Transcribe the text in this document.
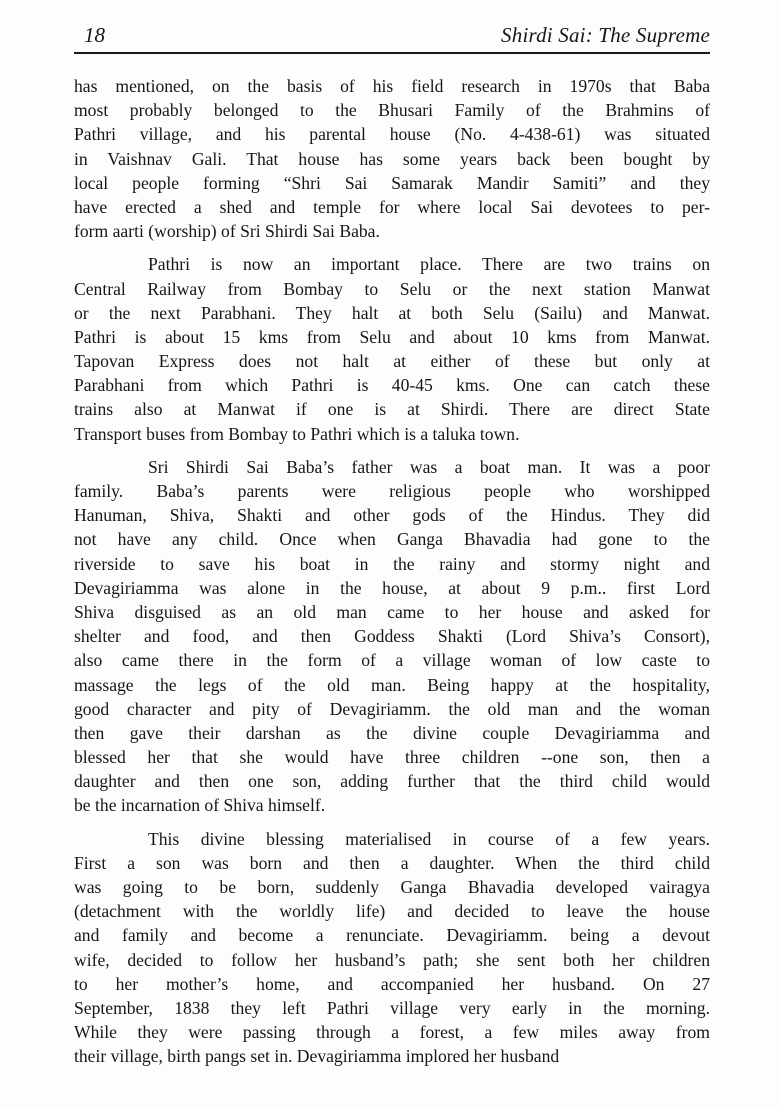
18	Shirdi Sai: The Supreme
has mentioned, on the basis of his field research in 1970s that Baba
most probably belonged to the Bhusari Family of the Brahmins of
Pathri village, and his parental house (No. 4-438-61) was situated
in Vaishnav Gali. That house has some years back been bought by
local people forming “Shri Sai Samarak Mandir Samiti” and they
have erected a shed and temple for where local Sai devotees to per-
form aarti (worship) of Sri Shirdi Sai Baba.
Pathri is now an important place. There are two trains on
Central Railway from Bombay to Selu or the next station Manwat
or the next Parabhani. They halt at both Selu (Sailu) and Manwat.
Pathri is about 15 kms from Selu and about 10 kms from Manwat.
Tapovan Express does not halt at either of these but only at
Parabhani from which Pathri is 40-45 kms. One can catch these
trains also at Manwat if one is at Shirdi. There are direct State
Transport buses from Bombay to Pathri which is a taluka town.
Sri Shirdi Sai Baba’s father was a boat man. It was a poor
family. Baba’s parents were religious people who worshipped
Hanuman, Shiva, Shakti and other gods of the Hindus. They did
not have any child. Once when Ganga Bhavadia had gone to the
riverside to save his boat in the rainy and stormy night and
Devagiriamma was alone in the house, at about 9 p.m.. first Lord
Shiva disguised as an old man came to her house and asked for
shelter and food, and then Goddess Shakti (Lord Shiva’s Consort),
also came there in the form of a village woman of low caste to
massage the legs of the old man. Being happy at the hospitality,
good character and pity of Devagiriamm. the old man and the woman
then gave their darshan as the divine couple Devagiriamma and
blessed her that she would have three children --one son, then a
daughter and then one son, adding further that the third child would
be the incarnation of Shiva himself.
This divine blessing materialised in course of a few years.
First a son was born and then a daughter. When the third child
was going to be born, suddenly Ganga Bhavadia developed vairagya
(detachment with the worldly life) and decided to leave the house
and family and become a renunciate. Devagiriamm. being a devout
wife, decided to follow her husband’s path; she sent both her children
to her mother’s home, and accompanied her husband. On 27
September, 1838 they left Pathri village very early in the morning.
While they were passing through a forest, a few miles away from
their village, birth pangs set in. Devagiriamma implored her husband
